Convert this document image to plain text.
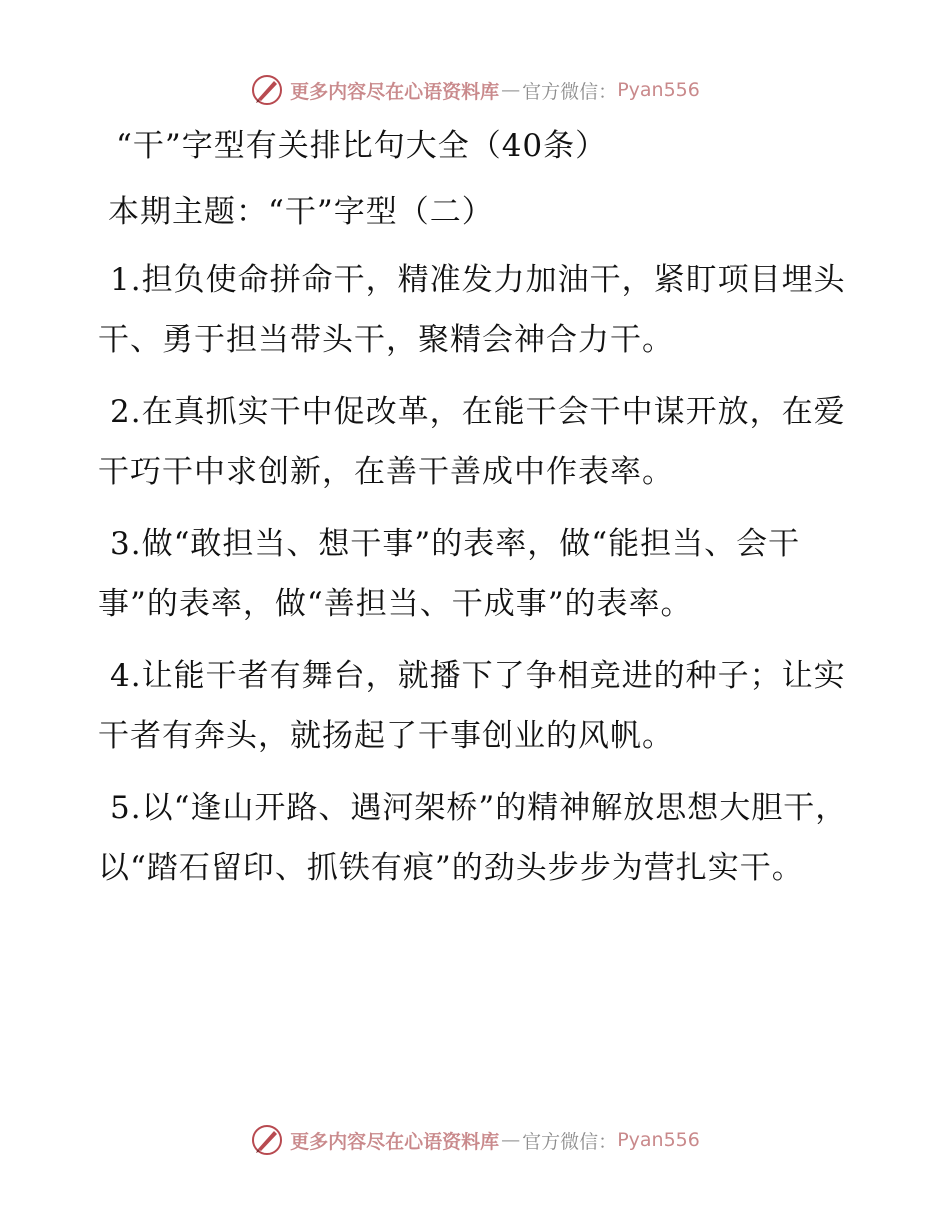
更多内容尽在心语资料库 — 官方微信： Pyan556
“干”字型有关排比句大全（40条）
本期主题：“干”字型（二）
1.担负使命拼命干，精准发力加油干，紧盯项目埋头干、勇于担当带头干，聚精会神合力干。
2.在真抓实干中促改革，在能干会干中谋开放，在爱干巧干中求创新，在善干善成中作表率。
3.做“敢担当、想干事”的表率，做“能担当、会干事”的表率，做“善担当、干成事”的表率。
4.让能干者有舞台，就播下了争相竞进的种子；让实干者有奔头，就扬起了干事创业的风帆。
5.以“逢山开路、遇河架桥”的精神解放思想大胆干，以“踏石留印、抓铁有痕”的劲头步步为营扎实干。
更多内容尽在心语资料库 — 官方微信： Pyan556
